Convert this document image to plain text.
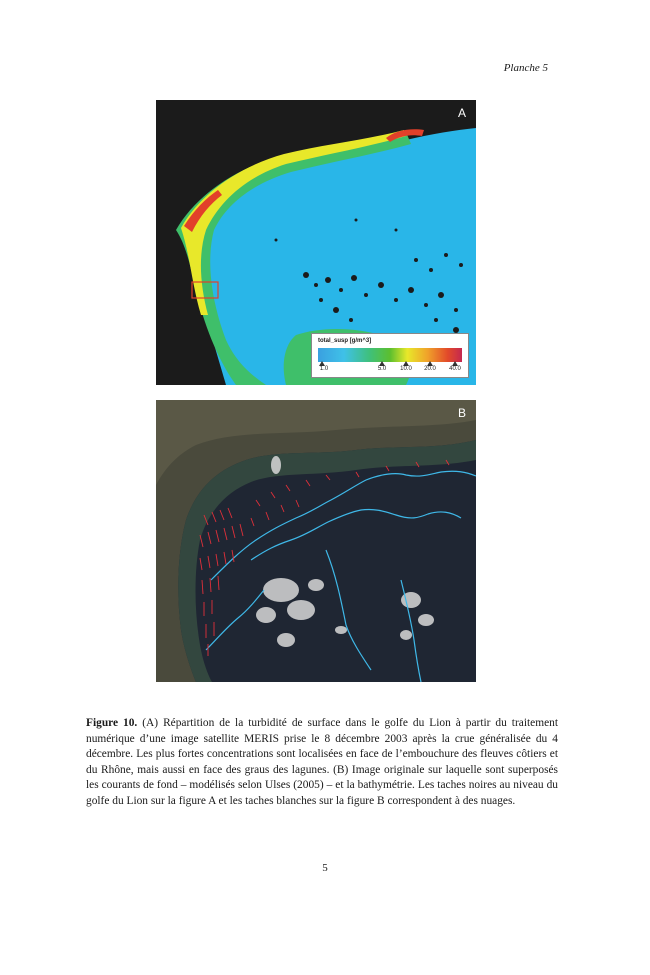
Planche 5
A
total_susp [g/m^3]
1.0	5.0 10.0 20.0 40.0
B

Figure 10. (A) Répartition de la turbidité de surface dans le golfe du Lion à partir du traitement numérique d’une image satellite MERIS prise le 8 décembre 2003 après la crue généralisée du 4 décembre. Les plus fortes concentrations sont localisées en face de l’embouchure des fleuves côtiers et du Rhône, mais aussi en face des graus des lagunes. (B) Image originale sur laquelle sont superposés les courants de fond – modélisés selon Ulses (2005) – et la bathymétrie. Les taches noires au niveau du golfe du Lion sur la figure A et les taches blanches sur la figure B correspondent à des nuages.

5
